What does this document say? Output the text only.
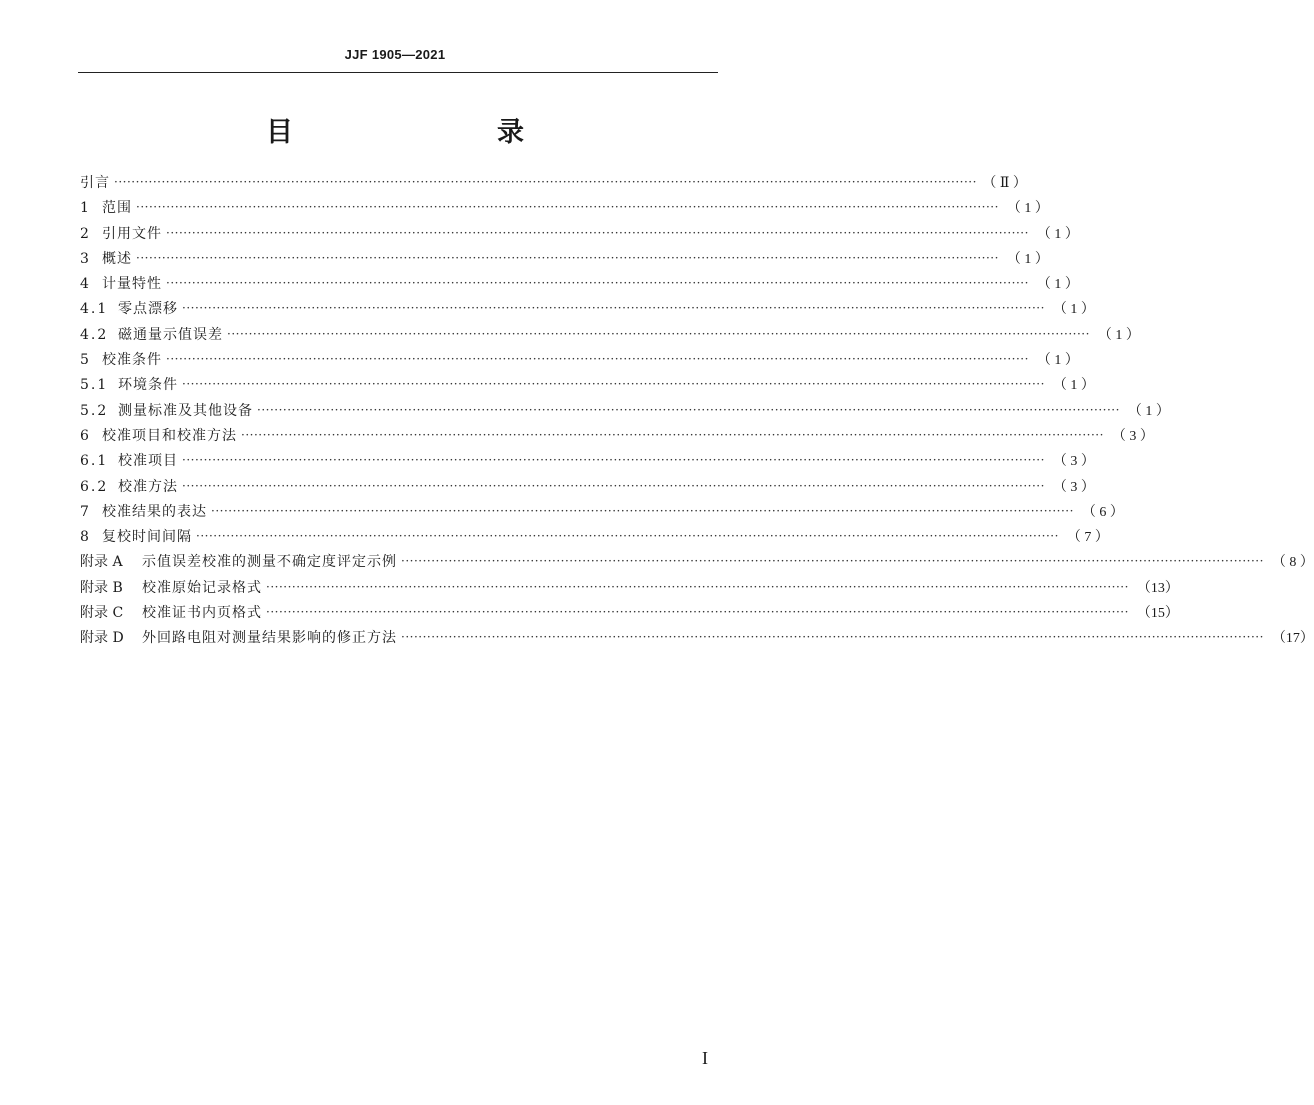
JJF 1905—2021
目　　录
引言 ········································································································································································································ （ Ⅱ ）
1 范围 ········································································································································································································ （ 1 ）
2 引用文件 ········································································································································································································ （ 1 ）
3 概述 ········································································································································································································ （ 1 ）
4 计量特性 ········································································································································································································ （ 1 ）
4.1 零点漂移 ········································································································································································································ （ 1 ）
4.2 磁通量示值误差 ········································································································································································································ （ 1 ）
5 校准条件 ········································································································································································································ （ 1 ）
5.1 环境条件 ········································································································································································································ （ 1 ）
5.2 测量标准及其他设备 ········································································································································································································ （ 1 ）
6 校准项目和校准方法 ········································································································································································································ （ 3 ）
6.1 校准项目 ········································································································································································································ （ 3 ）
6.2 校准方法 ········································································································································································································ （ 3 ）
7 校准结果的表达 ········································································································································································································ （ 6 ）
8 复校时间间隔 ········································································································································································································ （ 7 ）
附录 A	示值误差校准的测量不确定度评定示例 ········································································································································································································ （ 8 ）
附录 B	校准原始记录格式 ········································································································································································································ （13）
附录 C	校准证书内页格式 ········································································································································································································ （15）
附录 D	外回路电阻对测量结果影响的修正方法 ········································································································································································································ （17）
I
